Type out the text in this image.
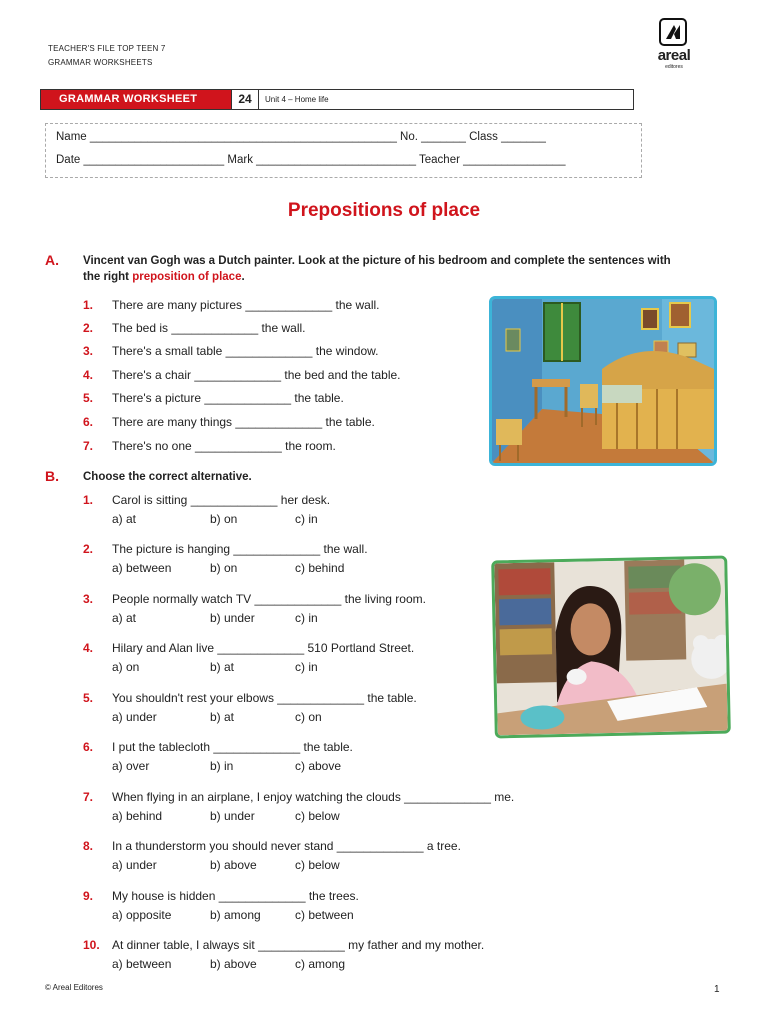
TEACHER'S FILE TOP TEEN 7
GRAMMAR WORKSHEETS	areal
editores
GRAMMAR WORKSHEET	24	Unit 4 – Home life
Name ________________________________________________ No. _______ Class _______
Date ______________________ Mark _________________________ Teacher ________________
Prepositions of place
A. Vincent van Gogh was a Dutch painter. Look at the picture of his bedroom and complete the sentences with the right preposition of place.
1. There are many pictures _____________ the wall.
2. The bed is _____________ the wall.
3. There's a small table _____________ the window.
4. There's a chair _____________ the bed and the table.
5. There's a picture _____________ the table.
6. There are many things _____________ the table.
7. There's no one _____________ the room.
B. Choose the correct alternative.
1. Carol is sitting _____________ her desk.
a) at	b) on	c) in
2. The picture is hanging _____________ the wall.
a) between	b) on	c) behind
3. People normally watch TV _____________ the living room.
a) at	b) under	c) in
4. Hilary and Alan live _____________ 510 Portland Street.
a) on	b) at	c) in
5. You shouldn't rest your elbows _____________ the table.
a) under	b) at	c) on
6. I put the tablecloth _____________ the table.
a) over	b) in	c) above
7. When flying in an airplane, I enjoy watching the clouds _____________ me.
a) behind	b) under	c) below
8. In a thunderstorm you should never stand _____________ a tree.
a) under	b) above	c) below
9. My house is hidden _____________ the trees.
a) opposite	b) among	c) between
10. At dinner table, I always sit _____________ my father and my mother.
a) between	b) above	c) among
© Areal Editores	1
